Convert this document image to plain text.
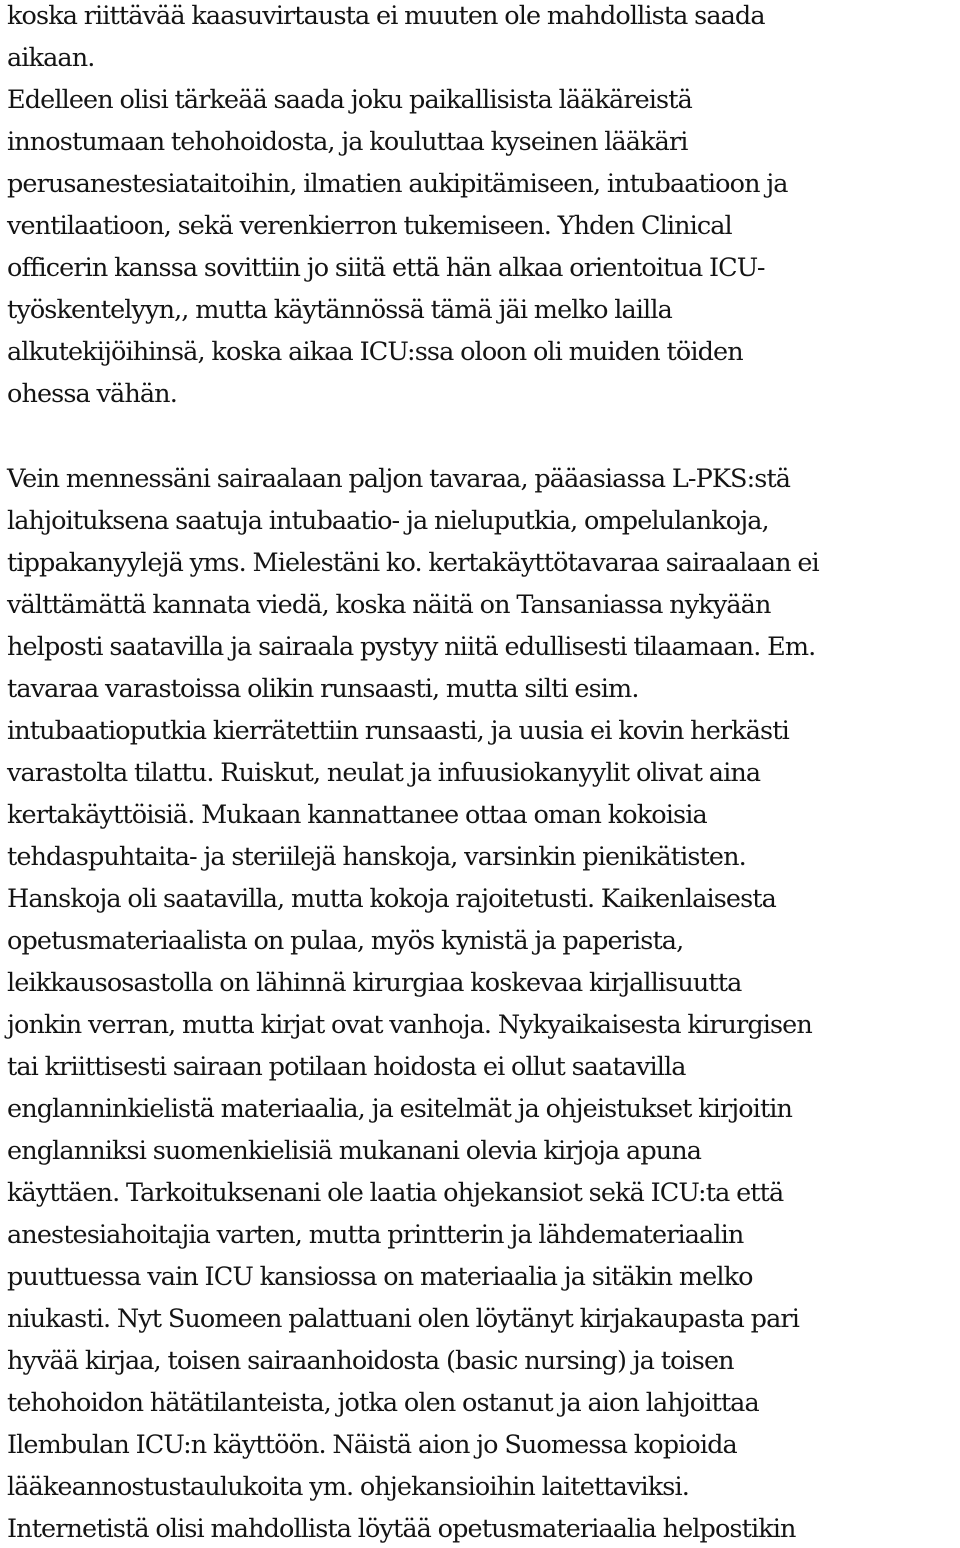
koska riittävää kaasuvirtausta ei muuten ole mahdollista saada
aikaan.
Edelleen olisi tärkeää saada joku paikallisista lääkäreistä
innostumaan tehohoidosta, ja kouluttaa kyseinen lääkäri
perusanestesiataitoihin, ilmatien aukipitämiseen, intubaatioon ja
ventilaatioon, sekä verenkierron tukemiseen. Yhden Clinical
officerin kanssa sovittiin jo siitä että hän alkaa orientoitua ICU-
työskentelyyn,, mutta käytännössä tämä jäi melko lailla
alkutekijöihinsä, koska aikaa ICU:ssa oloon oli muiden töiden
ohessa vähän.
Vein mennessäni sairaalaan paljon tavaraa, pääasiassa L-PKS:stä
lahjoituksena saatuja intubaatio- ja nieluputkia, ompelulankoja,
tippakanyylejä yms. Mielestäni ko. kertakäyttötavaraa sairaalaan ei
välttämättä kannata viedä, koska näitä on Tansaniassa nykyään
helposti saatavilla ja sairaala pystyy niitä edullisesti tilaamaan. Em.
tavaraa varastoissa olikin runsaasti, mutta silti esim.
intubaatioputkia kierrätettiin runsaasti, ja uusia ei kovin herkästi
varastolta tilattu. Ruiskut, neulat ja infuusiokanyylit olivat aina
kertakäyttöisiä. Mukaan kannattanee ottaa oman kokoisia
tehdaspuhtaita- ja steriilejä hanskoja, varsinkin pienikätisten.
Hanskoja oli saatavilla, mutta kokoja rajoitetusti. Kaikenlaisesta
opetusmateriaalista on pulaa, myös kynistä ja paperista,
leikkausosastolla on lähinnä kirurgiaa koskevaa kirjallisuutta
jonkin verran, mutta kirjat ovat vanhoja. Nykyaikaisesta kirurgisen
tai kriittisesti sairaan potilaan hoidosta ei ollut saatavilla
englanninkielistä materiaalia, ja esitelmät ja ohjeistukset kirjoitin
englanniksi suomenkielisiä mukanani olevia kirjoja apuna
käyttäen. Tarkoituksenani ole laatia ohjekansiot sekä ICU:ta että
anestesiahoitajia varten, mutta printterin ja lähdemateriaalin
puuttuessa vain ICU kansiossa on materiaalia ja sitäkin melko
niukasti. Nyt Suomeen palattuani olen löytänyt kirjakaupasta pari
hyvää kirjaa, toisen sairaanhoidosta (basic nursing) ja toisen
tehohoidon hätätilanteista, jotka olen ostanut ja aion lahjoittaa
Ilembulan ICU:n käyttöön. Näistä aion jo Suomessa kopioida
lääkeannostustaulukoita ym. ohjekansioihin laitettaviksi.
Internetistä olisi mahdollista löytää opetusmateriaalia helpostikin
